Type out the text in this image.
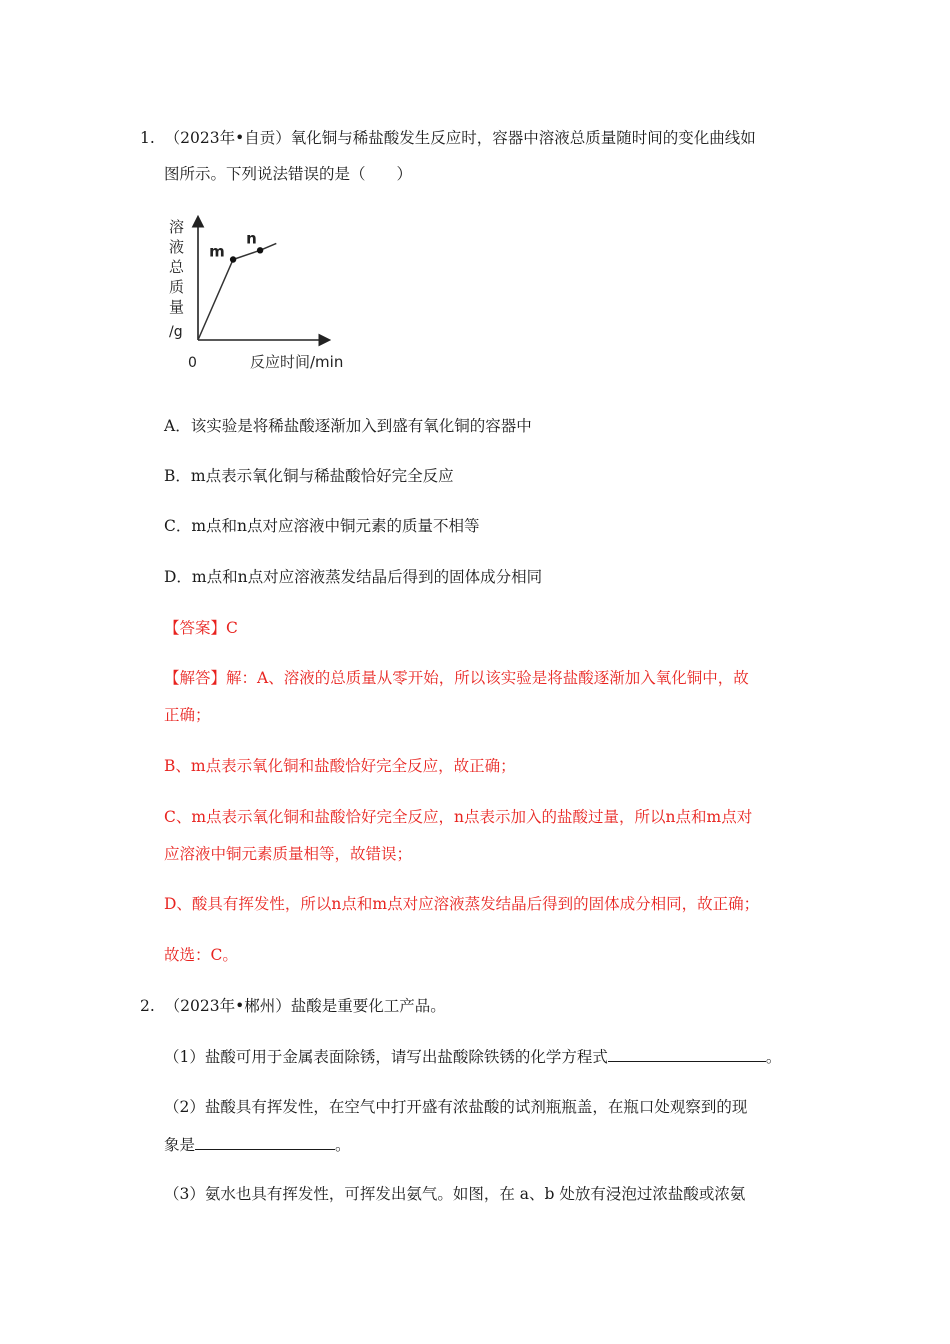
1. （2023年•自贡）氧化铜与稀盐酸发生反应时，容器中溶液总质量随时间的变化曲线如
图所示。下列说法错误的是（　　）
溶
液
总
质
量
/g
0	反应时间/min
m
n
A．该实验是将稀盐酸逐渐加入到盛有氧化铜的容器中
B．m点表示氧化铜与稀盐酸恰好完全反应
C．m点和n点对应溶液中铜元素的质量不相等
D．m点和n点对应溶液蒸发结晶后得到的固体成分相同
【答案】C
【解答】解：A、溶液的总质量从零开始，所以该实验是将盐酸逐渐加入氧化铜中，故
正确；
B、m点表示氧化铜和盐酸恰好完全反应，故正确；
C、m点表示氧化铜和盐酸恰好完全反应，n点表示加入的盐酸过量，所以n点和m点对
应溶液中铜元素质量相等，故错误；
D、酸具有挥发性，所以n点和m点对应溶液蒸发结晶后得到的固体成分相同，故正确；
故选：C。
2. （2023年•郴州）盐酸是重要化工产品。
（1）盐酸可用于金属表面除锈，请写出盐酸除铁锈的化学方程式	。
（2）盐酸具有挥发性，在空气中打开盛有浓盐酸的试剂瓶瓶盖，在瓶口处观察到的现
象是	。
（3）氨水也具有挥发性，可挥发出氨气。如图，在 a、b 处放有浸泡过浓盐酸或浓氨
